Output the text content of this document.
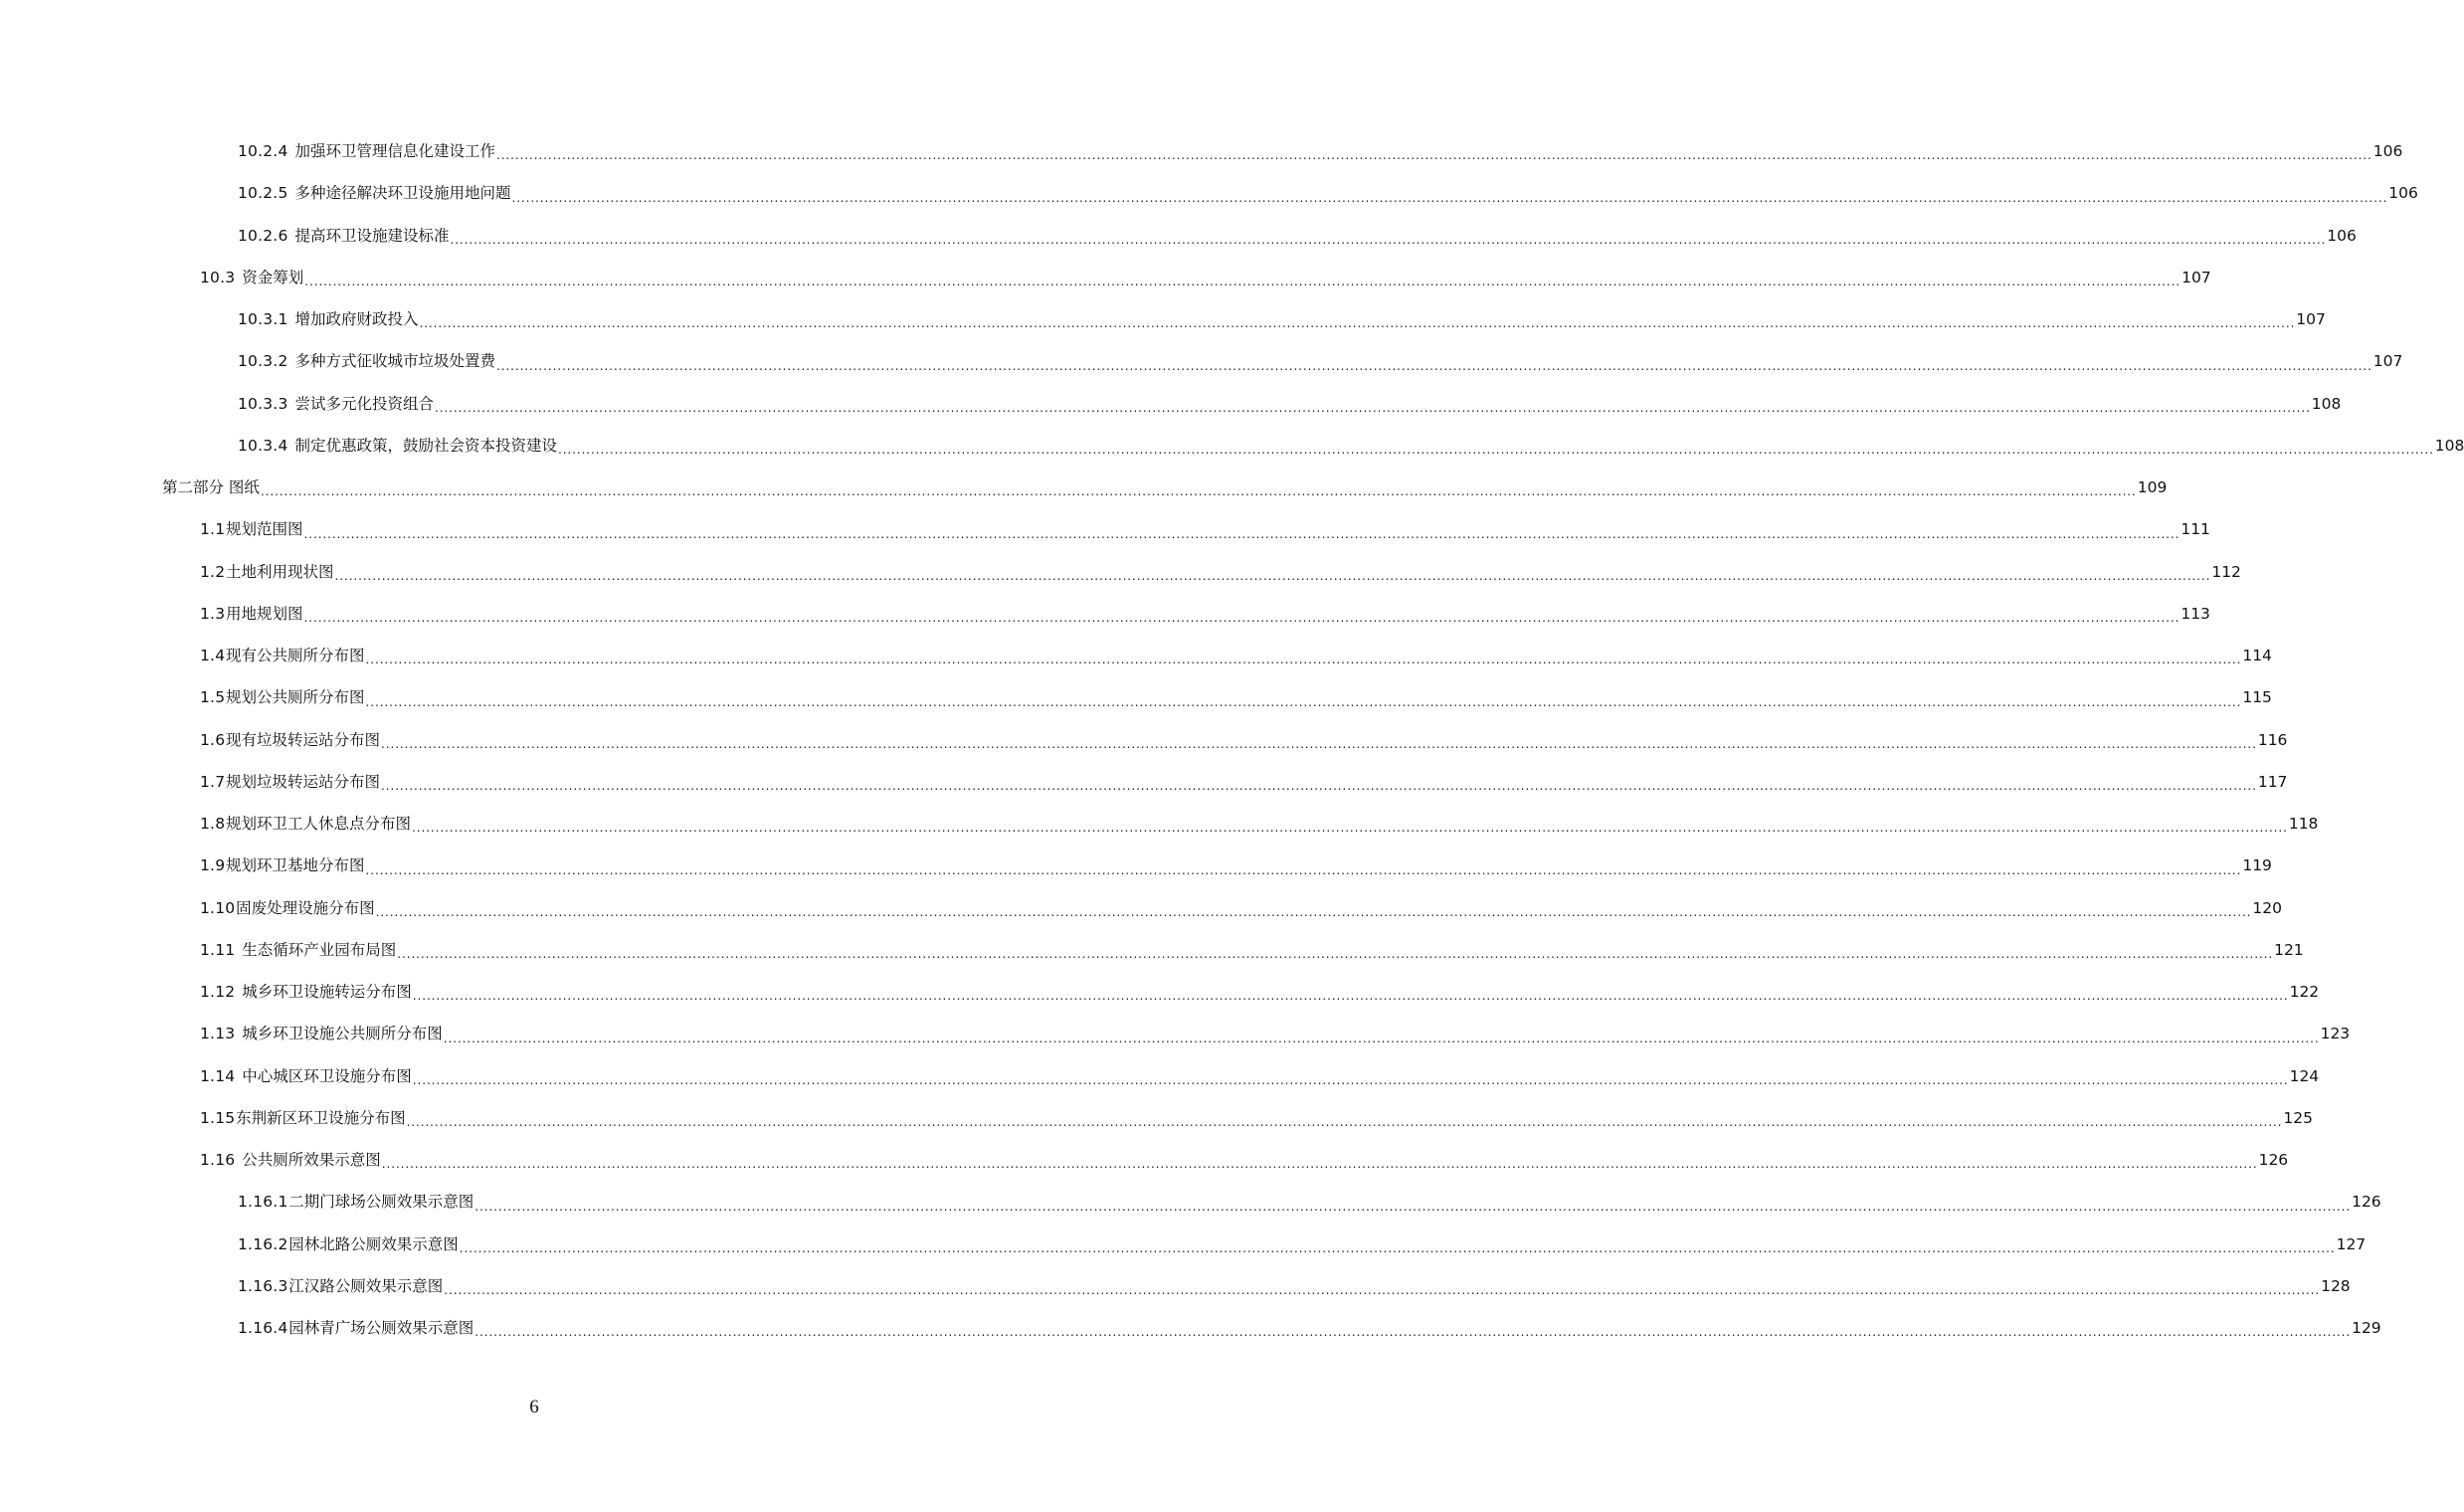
10.2.4 加强环卫管理信息化建设工作 ................................................................................................................................................................................................................................................................................................................................................................................................................ 106
10.2.5 多种途径解决环卫设施用地问题 ................................................................................................................................................................................................................................................................................................................................................................................................................ 106
10.2.6 提高环卫设施建设标准 ................................................................................................................................................................................................................................................................................................................................................................................................................ 106
10.3 资金筹划 ................................................................................................................................................................................................................................................................................................................................................................................................................ 107
10.3.1 增加政府财政投入 ................................................................................................................................................................................................................................................................................................................................................................................................................ 107
10.3.2 多种方式征收城市垃圾处置费 ................................................................................................................................................................................................................................................................................................................................................................................................................ 107
10.3.3 尝试多元化投资组合 ................................................................................................................................................................................................................................................................................................................................................................................................................ 108
10.3.4 制定优惠政策，鼓励社会资本投资建设 ................................................................................................................................................................................................................................................................................................................................................................................................................ 108
第二部分 图纸 ................................................................................................................................................................................................................................................................................................................................................................................................................ 109
1.1 规划范围图 ................................................................................................................................................................................................................................................................................................................................................................................................................ 111
1.2 土地利用现状图 ................................................................................................................................................................................................................................................................................................................................................................................................................ 112
1.3 用地规划图 ................................................................................................................................................................................................................................................................................................................................................................................................................ 113
1.4 现有公共厕所分布图 ................................................................................................................................................................................................................................................................................................................................................................................................................ 114
1.5 规划公共厕所分布图 ................................................................................................................................................................................................................................................................................................................................................................................................................ 115
1.6 现有垃圾转运站分布图 ................................................................................................................................................................................................................................................................................................................................................................................................................ 116
1.7 规划垃圾转运站分布图 ................................................................................................................................................................................................................................................................................................................................................................................................................ 117
1.8 规划环卫工人休息点分布图 ................................................................................................................................................................................................................................................................................................................................................................................................................ 118
1.9 规划环卫基地分布图 ................................................................................................................................................................................................................................................................................................................................................................................................................ 119
1.10 固废处理设施分布图 ................................................................................................................................................................................................................................................................................................................................................................................................................ 120
1.11 生态循环产业园布局图 ................................................................................................................................................................................................................................................................................................................................................................................................................ 121
1.12 城乡环卫设施转运分布图 ................................................................................................................................................................................................................................................................................................................................................................................................................ 122
1.13 城乡环卫设施公共厕所分布图 ................................................................................................................................................................................................................................................................................................................................................................................................................ 123
1.14 中心城区环卫设施分布图 ................................................................................................................................................................................................................................................................................................................................................................................................................ 124
1.15 东荆新区环卫设施分布图 ................................................................................................................................................................................................................................................................................................................................................................................................................ 125
1.16 公共厕所效果示意图 ................................................................................................................................................................................................................................................................................................................................................................................................................ 126
1.16.1 二期门球场公厕效果示意图 ................................................................................................................................................................................................................................................................................................................................................................................................................ 126
1.16.2 园林北路公厕效果示意图 ................................................................................................................................................................................................................................................................................................................................................................................................................ 127
1.16.3 江汉路公厕效果示意图 ................................................................................................................................................................................................................................................................................................................................................................................................................ 128
1.16.4 园林青广场公厕效果示意图 ................................................................................................................................................................................................................................................................................................................................................................................................................ 129
6
